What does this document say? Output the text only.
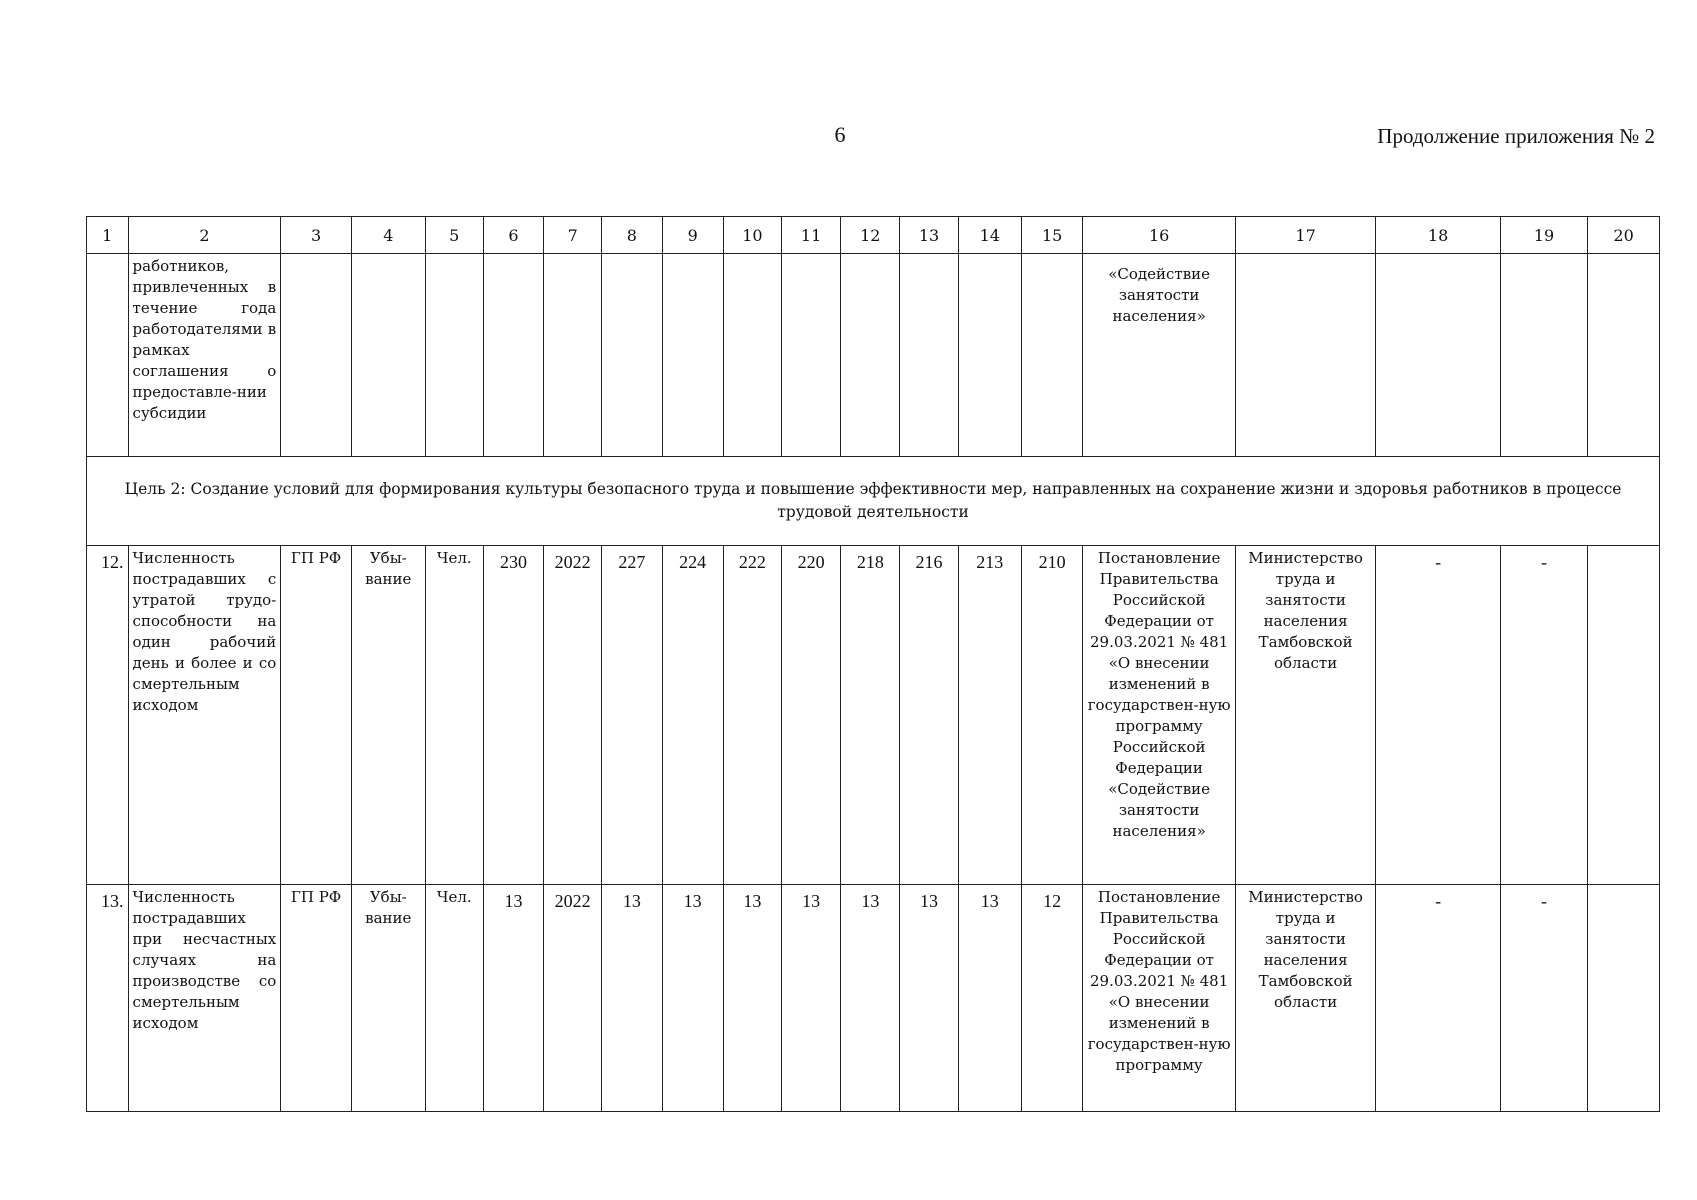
6	Продолжение приложения № 2
1	2	3	4	5	6	7	8	9	10	11	12	13	14	15	16	17	18	19	20
	работников, привлеченных в течение года работодателями в рамках соглашения о предоставле-нии субсидии														«Содействие занятости населения»				
Цель 2: Создание условий для формирования культуры безопасного труда и повышение эффективности мер, направленных на сохранение жизни и здоровья работников в процессе трудовой деятельности																			
12.	Численность пострадавших с утратой трудо-способности на один рабочий день и более и со смертельным исходом	ГП РФ	Убы-вание	Чел.	230	2022	227	224	222	220	218	216	213	210	Постановление Правительства Российской Федерации от 29.03.2021 № 481 «О внесении изменений в государствен-ную программу Российской Федерации «Содействие занятости населения»	Министерство труда и занятости населения Тамбовской области	-	-	
13.	Численность пострадавших при несчастных случаях на производстве со смертельным исходом	ГП РФ	Убы-вание	Чел.	13	2022	13	13	13	13	13	13	13	12	Постановление Правительства Российской Федерации от 29.03.2021 № 481 «О внесении изменений в государствен-ную программу	Министерство труда и занятости населения Тамбовской области	-	-	
